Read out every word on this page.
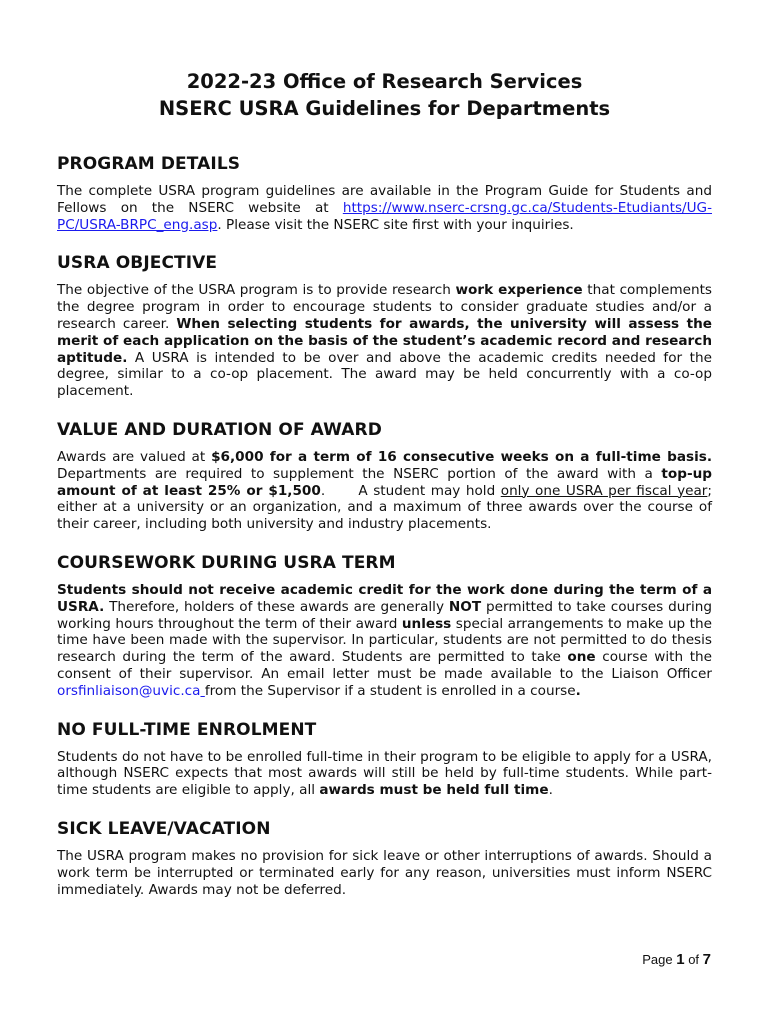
2022-23 Office of Research Services

NSERC USRA Guidelines for Departments

PROGRAM DETAILS

The complete USRA program guidelines are available in the Program Guide for Students and Fellows on the NSERC website at https://www.nserc-crsng.gc.ca/Students-Etudiants/UG-PC/USRA-BRPC_eng.asp. Please visit the NSERC site first with your inquiries.

USRA OBJECTIVE

The objective of the USRA program is to provide research work experience that complements the degree program in order to encourage students to consider graduate studies and/or a research career. When selecting students for awards, the university will assess the merit of each application on the basis of the student’s academic record and research aptitude. A USRA is intended to be over and above the academic credits needed for the degree, similar to a co-op placement. The award may be held concurrently with a co-op placement.

VALUE AND DURATION OF AWARD

Awards are valued at $6,000 for a term of 16 consecutive weeks on a full-time basis. Departments are required to supplement the NSERC portion of the award with a top-up amount of at least 25% or $1,500.      A student may hold only one USRA per fiscal year; either at a university or an organization, and a maximum of three awards over the course of their career, including both university and industry placements.

COURSEWORK DURING USRA TERM

Students should not receive academic credit for the work done during the term of a USRA. Therefore, holders of these awards are generally NOT permitted to take courses during working hours throughout the term of their award unless special arrangements to make up the time have been made with the supervisor. In particular, students are not permitted to do thesis research during the term of the award. Students are permitted to take one course with the consent of their supervisor. An email letter must be made available to the Liaison Officer orsfinliaison@uvic.ca from the Supervisor if a student is enrolled in a course.

NO FULL-TIME ENROLMENT

Students do not have to be enrolled full-time in their program to be eligible to apply for a USRA, although NSERC expects that most awards will still be held by full-time students. While part-time students are eligible to apply, all awards must be held full time.

SICK LEAVE/VACATION

The USRA program makes no provision for sick leave or other interruptions of awards. Should a work term be interrupted or terminated early for any reason, universities must inform NSERC immediately. Awards may not be deferred.

Page 1 of 7
